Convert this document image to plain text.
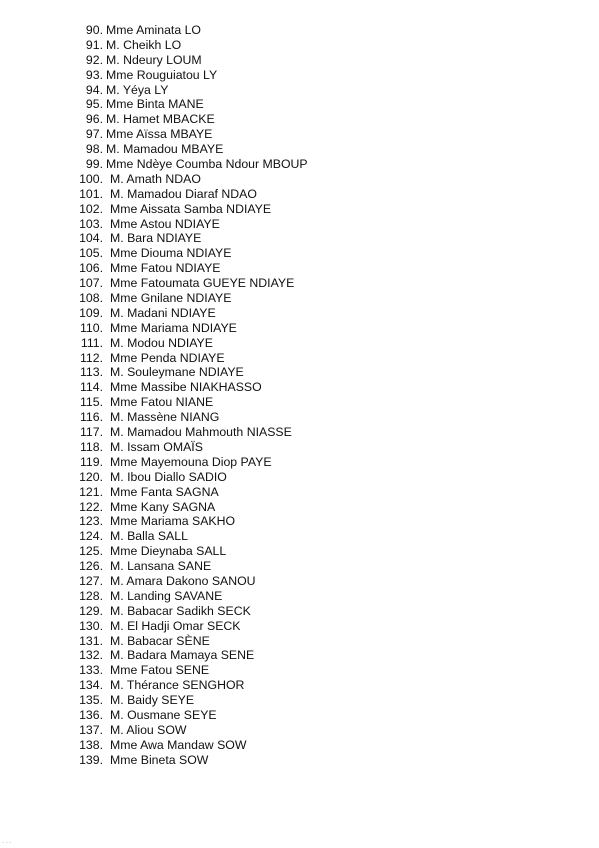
90. Mme Aminata LO
91. M. Cheikh LO
92. M. Ndeury LOUM
93. Mme Rouguiatou LY
94. M. Yéya LY
95. Mme Binta MANE
96. M. Hamet MBACKE
97. Mme Aïssa MBAYE
98. M. Mamadou MBAYE
99. Mme Ndèye Coumba Ndour MBOUP
100. M. Amath NDAO
101. M. Mamadou Diaraf NDAO
102. Mme Aissata Samba NDIAYE
103. Mme Astou NDIAYE
104. M. Bara NDIAYE
105. Mme Diouma NDIAYE
106. Mme Fatou NDIAYE
107. Mme Fatoumata GUEYE NDIAYE
108. Mme Gnilane NDIAYE
109. M. Madani NDIAYE
110. Mme Mariama NDIAYE
111. M. Modou NDIAYE
112. Mme Penda NDIAYE
113. M. Souleymane NDIAYE
114. Mme Massibe NIAKHASSO
115. Mme Fatou NIANE
116. M. Massène NIANG
117. M. Mamadou Mahmouth NIASSE
118. M. Issam OMAÏS
119. Mme Mayemouna Diop PAYE
120. M. Ibou Diallo SADIO
121. Mme Fanta SAGNA
122. Mme Kany SAGNA
123. Mme Mariama SAKHO
124. M. Balla SALL
125. Mme Dieynaba SALL
126. M. Lansana SANE
127. M. Amara Dakono SANOU
128. M. Landing SAVANE
129. M. Babacar Sadikh SECK
130. M. El Hadji Omar SECK
131. M. Babacar SÈNE
132. M. Badara Mamaya SENE
133. Mme Fatou SENE
134. M. Thérance SENGHOR
135. M. Baidy SEYE
136. M. Ousmane SEYE
137. M. Aliou SOW
138. Mme Awa Mandaw SOW
139. Mme Bineta SOW
- - -
